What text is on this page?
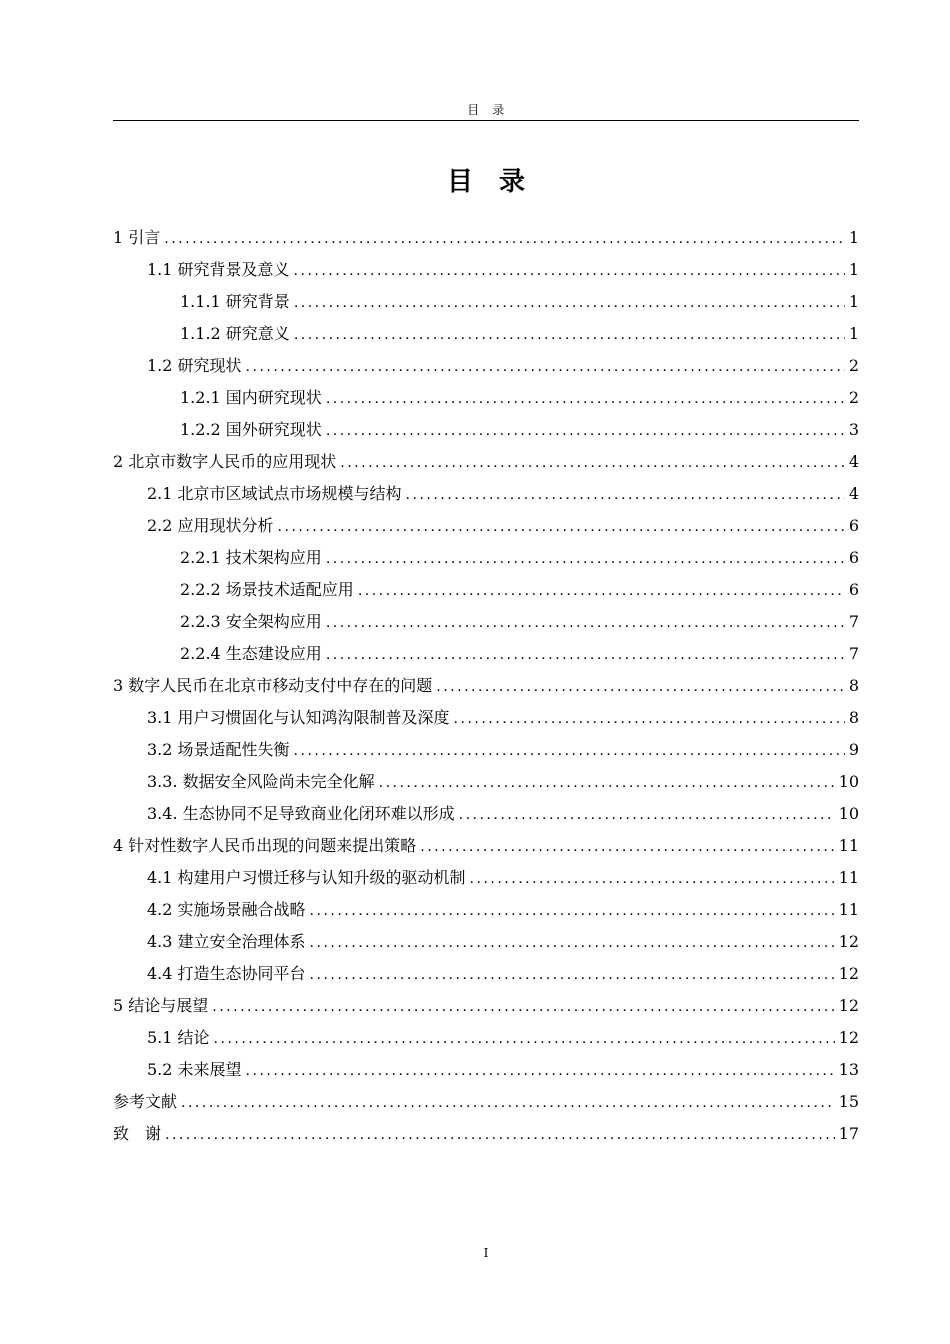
目　录
目　录
1 引言 .....	1
1.1 研究背景及意义 .....	1
1.1.1 研究背景 .....	1
1.1.2 研究意义 .....	1
1.2 研究现状 .....	2
1.2.1 国内研究现状 .....	2
1.2.2 国外研究现状 .....	3
2 北京市数字人民币的应用现状 .....	4
2.1 北京市区域试点市场规模与结构 .....	4
2.2 应用现状分析 .....	6
2.2.1 技术架构应用 .....	6
2.2.2 场景技术适配应用 .....	6
2.2.3 安全架构应用 .....	7
2.2.4 生态建设应用 .....	7
3 数字人民币在北京市移动支付中存在的问题 .....	8
3.1 用户习惯固化与认知鸿沟限制普及深度 .....	8
3.2 场景适配性失衡 .....	9
3.3. 数据安全风险尚未完全化解 .....	10
3.4. 生态协同不足导致商业化闭环难以形成 .....	10
4 针对性数字人民币出现的问题来提出策略 .....	11
4.1 构建用户习惯迁移与认知升级的驱动机制 .....	11
4.2 实施场景融合战略 .....	11
4.3 建立安全治理体系 .....	12
4.4 打造生态协同平台 .....	12
5 结论与展望 .....	12
5.1 结论 .....	12
5.2 未来展望 .....	13
参考文献 .....	15
致　谢 .....	17
I
